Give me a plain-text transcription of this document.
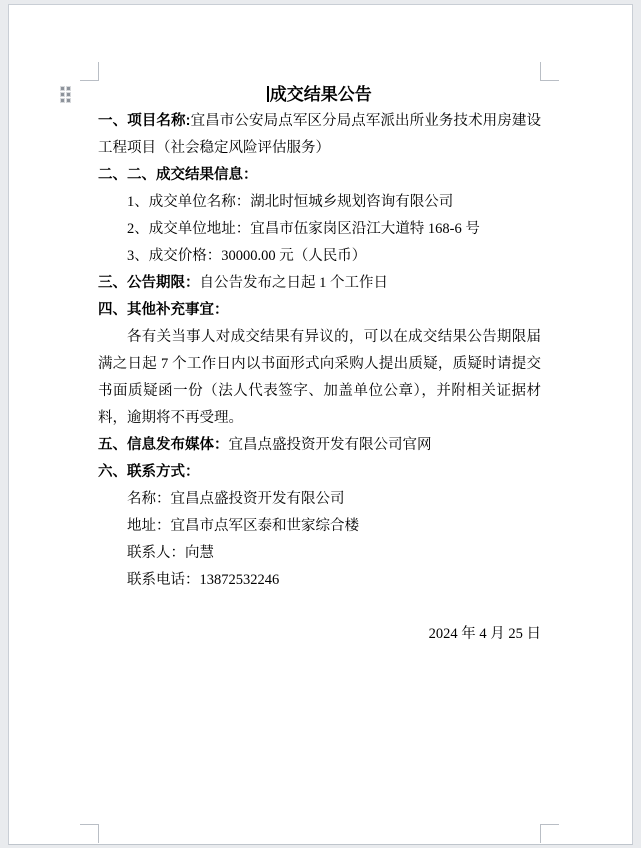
成交结果公告
一、项目名称:宜昌市公安局点军区分局点军派出所业务技术用房建设工程项目（社会稳定风险评估服务）
二、二、成交结果信息：
1、成交单位名称：湖北时恒城乡规划咨询有限公司
2、成交单位地址：宜昌市伍家岗区沿江大道特 168-6 号
3、成交价格：30000.00 元（人民币）
三、公告期限：自公告发布之日起 1 个工作日
四、其他补充事宜：
各有关当事人对成交结果有异议的，可以在成交结果公告期限届满之日起 7 个工作日内以书面形式向采购人提出质疑，质疑时请提交书面质疑函一份（法人代表签字、加盖单位公章），并附相关证据材料，逾期将不再受理。
五、信息发布媒体：宜昌点盛投资开发有限公司官网
六、联系方式：
名称：宜昌点盛投资开发有限公司
地址：宜昌市点军区泰和世家综合楼
联系人：向慧
联系电话：13872532246
2024 年 4 月 25 日
